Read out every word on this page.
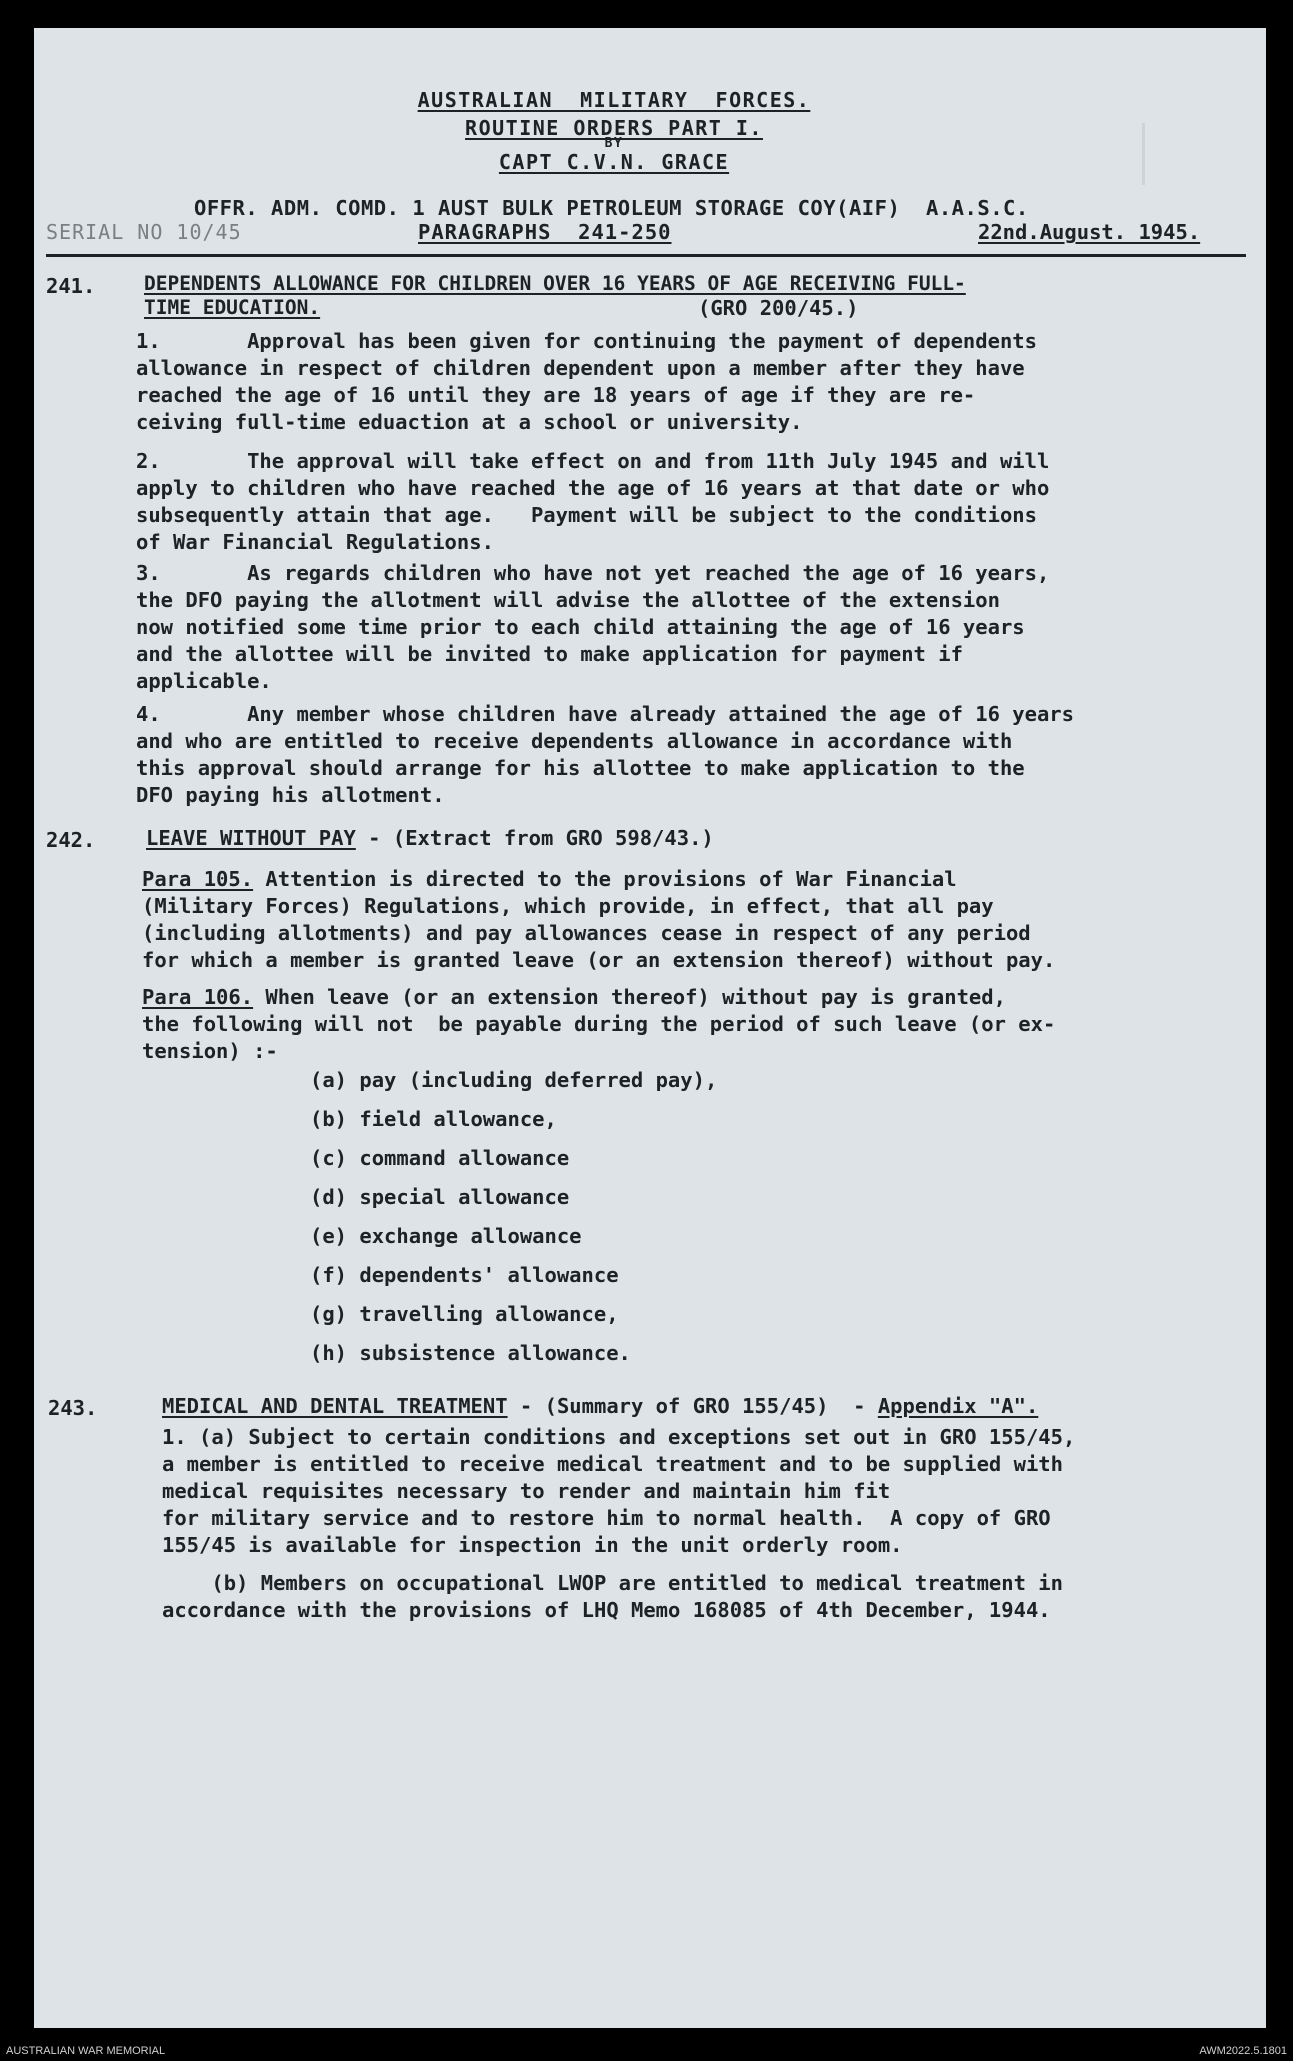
AUSTRALIAN  MILITARY  FORCES.
ROUTINE ORDERS PART I.
BY
CAPT C.V.N. GRACE
OFFR. ADM. COMD. 1 AUST BULK PETROLEUM STORAGE COY(AIF)  A.A.S.C.
SERIAL NO 10/45	PARAGRAPHS  241-250	22nd.August. 1945.
241. DEPENDENTS ALLOWANCE FOR CHILDREN OVER 16 YEARS OF AGE RECEIVING FULL-
TIME EDUCATION.	(GRO 200/45.)
1.       Approval has been given for continuing the payment of dependents
allowance in respect of children dependent upon a member after they have
reached the age of 16 until they are 18 years of age if they are re-
ceiving full-time eduaction at a school or university.
2.       The approval will take effect on and from 11th July 1945 and will
apply to children who have reached the age of 16 years at that date or who
subsequently attain that age.   Payment will be subject to the conditions
of War Financial Regulations.
3.       As regards children who have not yet reached the age of 16 years,
the DFO paying the allotment will advise the allottee of the extension
now notified some time prior to each child attaining the age of 16 years
and the allottee will be invited to make application for payment if
applicable.
4.       Any member whose children have already attained the age of 16 years
and who are entitled to receive dependents allowance in accordance with
this approval should arrange for his allottee to make application to the
DFO paying his allotment.
242. LEAVE WITHOUT PAY - (Extract from GRO 598/43.)
Para 105. Attention is directed to the provisions of War Financial
(Military Forces) Regulations, which provide, in effect, that all pay
(including allotments) and pay allowances cease in respect of any period
for which a member is granted leave (or an extension thereof) without pay.
Para 106. When leave (or an extension thereof) without pay is granted,
the following will not  be payable during the period of such leave (or ex-
tension) :-
(a) pay (including deferred pay),
(b) field allowance,
(c) command allowance
(d) special allowance
(e) exchange allowance
(f) dependents' allowance
(g) travelling allowance,
(h) subsistence allowance.
243.	MEDICAL AND DENTAL TREATMENT - (Summary of GRO 155/45)  - Appendix "A".
1. (a) Subject to certain conditions and exceptions set out in GRO 155/45,
a member is entitled to receive medical treatment and to be supplied with
medical requisites necessary to render and maintain him fit
for military service and to restore him to normal health.  A copy of GRO
155/45 is available for inspection in the unit orderly room.
(b) Members on occupational LWOP are entitled to medical treatment in
accordance with the provisions of LHQ Memo 168085 of 4th December, 1944.
AUSTRALIAN WAR MEMORIAL	AWM2022.5.1801
